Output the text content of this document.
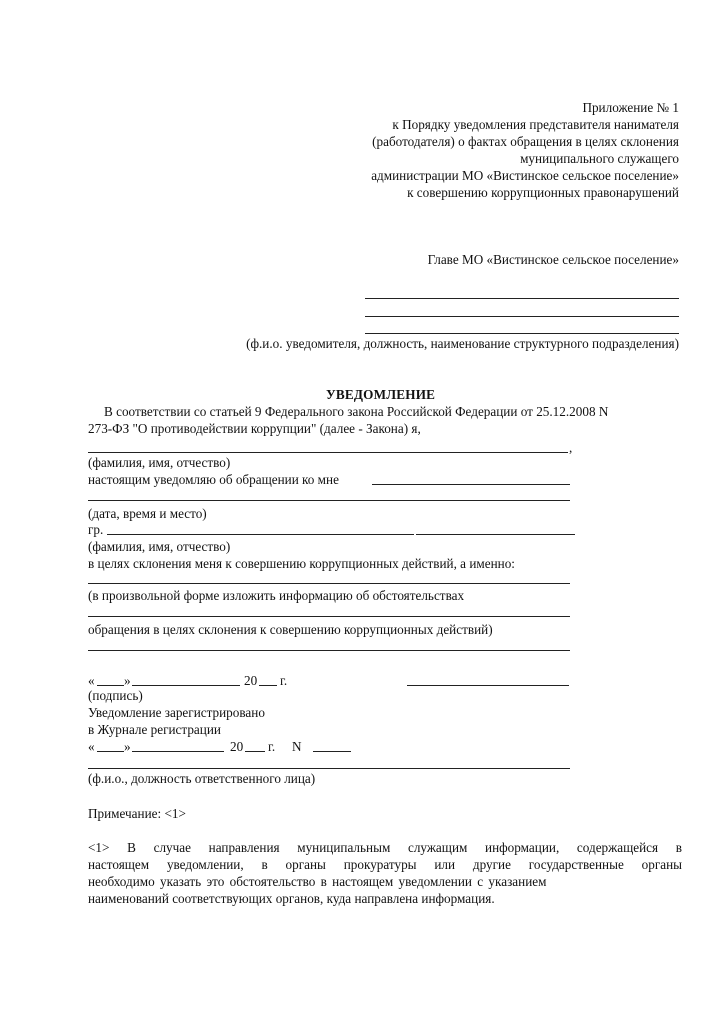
Приложение № 1
к Порядку уведомления представителя нанимателя
(работодателя) о фактах обращения в целях склонения
муниципального служащего
администрации МО «Вистинское сельское поселение»
к совершению коррупционных правонарушений
Главе МО «Вистинское сельское поселение»
(ф.и.о. уведомителя, должность, наименование структурного подразделения)
УВЕДОМЛЕНИЕ
В соответствии со статьей 9 Федерального закона Российской Федерации от 25.12.2008 N
273-ФЗ "О противодействии коррупции" (далее - Закона) я,
,
(фамилия, имя, отчество)
настоящим уведомляю об обращении ко мне
(дата, время и место)
гр.
(фамилия, имя, отчество)
в целях склонения меня к совершению коррупционных действий, а именно:
(в произвольной форме изложить информацию об обстоятельствах
обращения в целях склонения к совершению коррупционных действий)
« »	20 г.
(подпись)
Уведомление зарегистрировано
в Журнале регистрации
« »	20 г. N
(ф.и.о., должность ответственного лица)
Примечание: <1>
<1> В случае направления муниципальным служащим информации, содержащейся в
настоящем уведомлении, в органы прокуратуры или другие государственные органы
необходимо указать это обстоятельство в настоящем уведомлении с указанием
наименований соответствующих органов, куда направлена информация.
